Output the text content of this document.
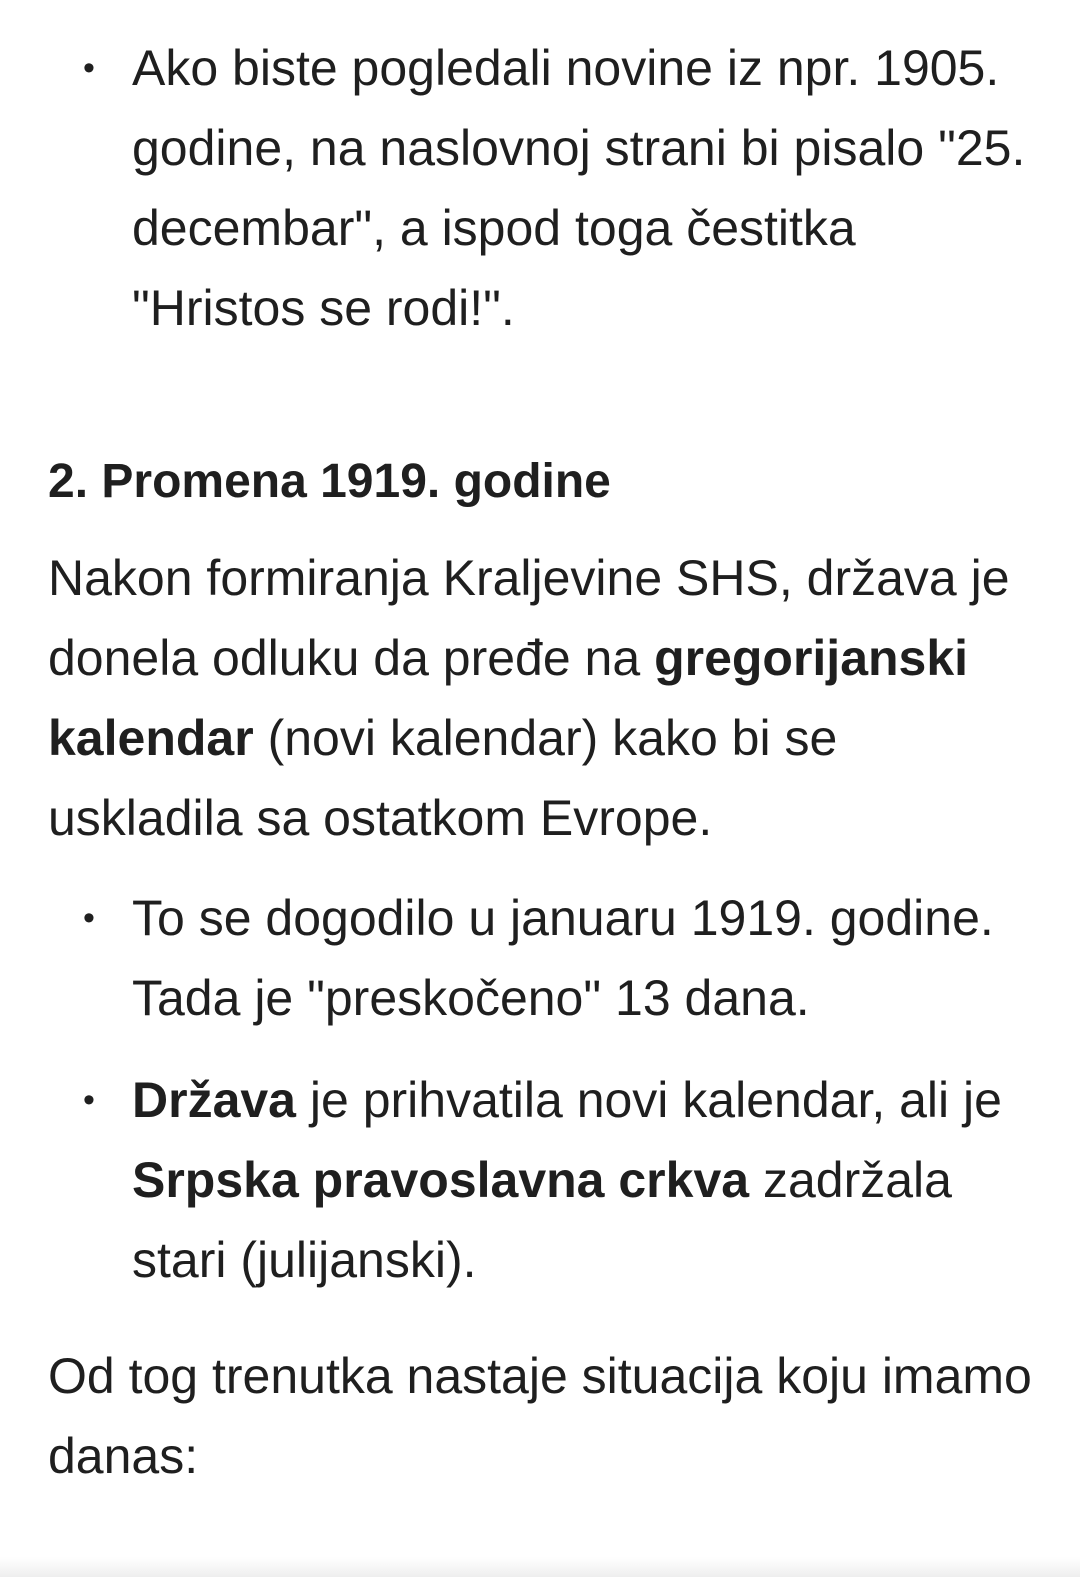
• Ako biste pogledali novine iz npr. 1905. godine, na naslovnoj strani bi pisalo "25. decembar", a ispod toga čestitka "Hristos se rodi!".
2. Promena 1919. godine

Nakon formiranja Kraljevine SHS, država je donela odluku da pređe na gregorijanski kalendar (novi kalendar) kako bi se uskladila sa ostatkom Evrope.

• To se dogodilo u januaru 1919. godine. Tada je "preskočeno" 13 dana.
• Država je prihvatila novi kalendar, ali je Srpska pravoslavna crkva zadržala stari (julijanski).

Od tog trenutka nastaje situacija koju imamo danas:
